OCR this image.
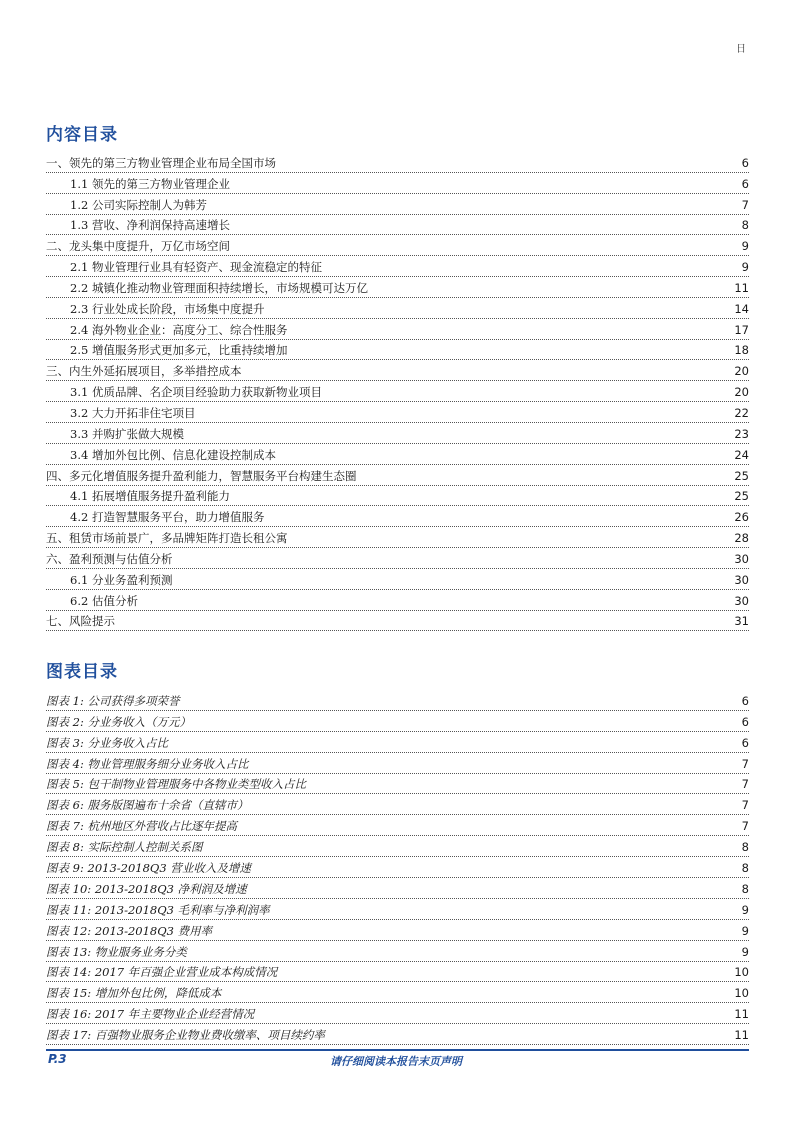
日
内容目录
一、领先的第三方物业管理企业布局全国市场	6
1.1 领先的第三方物业管理企业	6
1.2 公司实际控制人为韩芳	7
1.3 营收、净利润保持高速增长	8
二、龙头集中度提升，万亿市场空间	9
2.1 物业管理行业具有轻资产、现金流稳定的特征	9
2.2 城镇化推动物业管理面积持续增长，市场规模可达万亿	11
2.3 行业处成长阶段，市场集中度提升	14
2.4 海外物业企业：高度分工、综合性服务	17
2.5 增值服务形式更加多元，比重持续增加	18
三、内生外延拓展项目，多举措控成本	20
3.1 优质品牌、名企项目经验助力获取新物业项目	20
3.2 大力开拓非住宅项目	22
3.3 并购扩张做大规模	23
3.4 增加外包比例、信息化建设控制成本	24
四、多元化增值服务提升盈利能力，智慧服务平台构建生态圈	25
4.1 拓展增值服务提升盈利能力	25
4.2 打造智慧服务平台，助力增值服务	26
五、租赁市场前景广，多品牌矩阵打造长租公寓	28
六、盈利预测与估值分析	30
6.1 分业务盈利预测	30
6.2 估值分析	30
七、风险提示	31
图表目录
图表 1: 公司获得多项荣誉	6
图表 2: 分业务收入（万元）	6
图表 3: 分业务收入占比	6
图表 4: 物业管理服务细分业务收入占比	7
图表 5: 包干制物业管理服务中各物业类型收入占比	7
图表 6: 服务版图遍布十余省（直辖市）	7
图表 7: 杭州地区外营收占比逐年提高	7
图表 8: 实际控制人控制关系图	8
图表 9: 2013-2018Q3 营业收入及增速	8
图表 10: 2013-2018Q3 净利润及增速	8
图表 11: 2013-2018Q3 毛利率与净利润率	9
图表 12: 2013-2018Q3 费用率	9
图表 13: 物业服务业务分类	9
图表 14: 2017 年百强企业营业成本构成情况	10
图表 15: 增加外包比例，降低成本	10
图表 16: 2017 年主要物业企业经营情况	11
图表 17: 百强物业服务企业物业费收缴率、项目续约率	11
P.3	请仔细阅读本报告末页声明
